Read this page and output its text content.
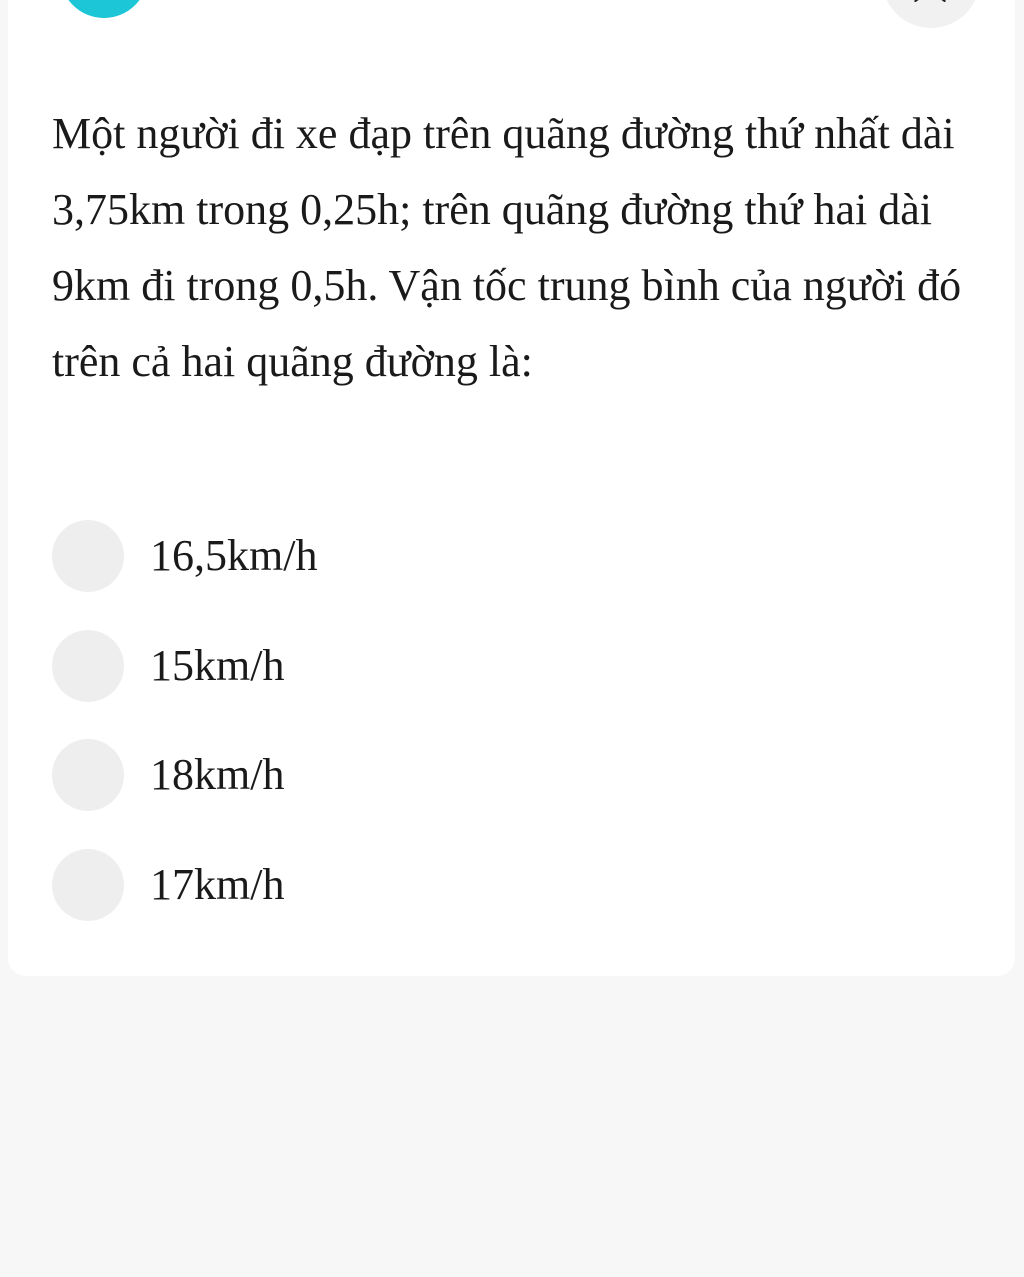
Một người đi xe đạp trên quãng đường thứ nhất dài 3,75km trong 0,25h; trên quãng đường thứ hai dài 9km đi trong 0,5h. Vận tốc trung bình của người đó trên cả hai quãng đường là:

16,5km/h
15km/h
18km/h
17km/h
